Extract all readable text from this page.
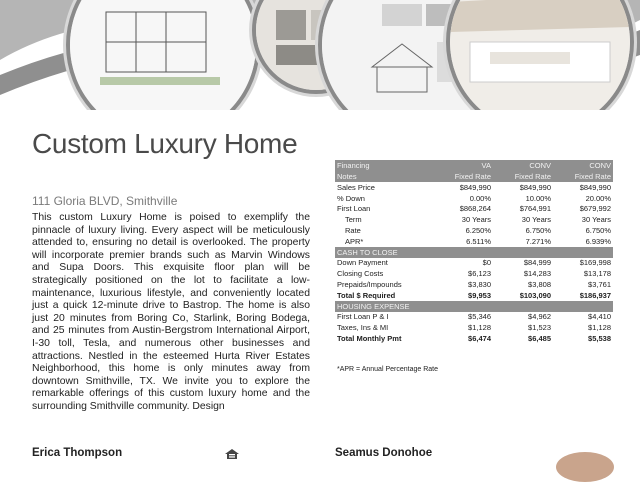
Custom Luxury Home
111 Gloria BLVD, Smithville
This custom Luxury Home is poised to exemplify the pinnacle of luxury living. Every aspect will be meticulously attended to, ensuring no detail is overlooked. The property will incorporate premier brands such as Marvin Windows and Supa Doors. This exquisite floor plan will be strategically positioned on the lot to facilitate a low-maintenance, luxurious lifestyle, and conveniently located just a quick 12-minute drive to Bastrop. The home is also just 20 minutes from Boring Co, Starlink, Boring Bodega, and 25 minutes from Austin-Bergstrom International Airport, I-30 toll, Tesla, and numerous other businesses and attractions. Nestled in the esteemed Hurta River Estates Neighborhood, this home is only minutes away from downtown Smithville, TX. We invite you to explore the remarkable offerings of this custom luxury home and the surrounding Smithville community. Design
Financing	VA	CONV	CONV
Notes	Fixed Rate	Fixed Rate	Fixed Rate
Sales Price	$849,990	$849,990	$849,990
% Down	0.00%	10.00%	20.00%
First Loan	$868,264	$764,991	$679,992
Term	30 Years	30 Years	30 Years
Rate	6.250%	6.750%	6.750%
APR*	6.511%	7.271%	6.939%
CASH TO CLOSE
Down Payment	$0	$84,999	$169,998
Closing Costs	$6,123	$14,283	$13,178
Prepaids/Impounds	$3,830	$3,808	$3,761
Total $ Required	$9,953	$103,090	$186,937
HOUSING EXPENSE
First Loan P & I	$5,346	$4,962	$4,410
Taxes, Ins & MI	$1,128	$1,523	$1,128
Total Monthly Pmt	$6,474	$6,485	$5,538
*APR = Annual Percentage Rate
Erica Thompson	Seamus Donohoe
